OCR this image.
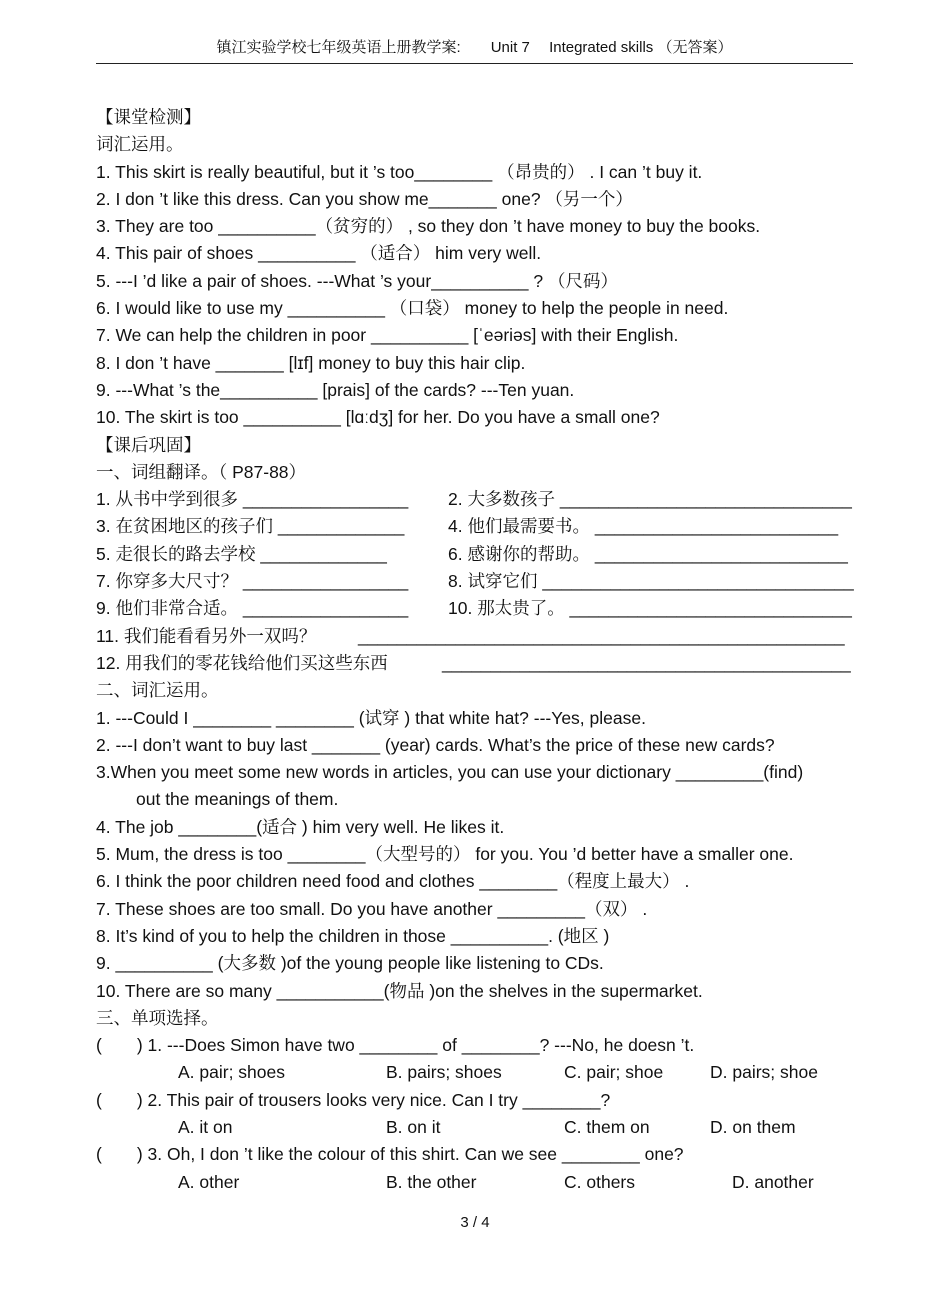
镇江实验学校七年级英语上册教学案:　　Unit 7　 Integrated skills （无答案）
【课堂检测】
词汇运用。
1. This skirt is really beautiful, but it ’s too________ （昂贵的） . I can ’t buy it.
2. I don ’t like this dress. Can you show me_______ one? （另一个）
3. They are too __________（贫穷的） , so they don ’t have money to buy the books.
4. This pair of shoes __________ （适合） him very well.
5. ---I ’d like a pair of shoes. ---What ’s your__________ ? （尺码）
6. I would like to use my __________ （口袋） money to help the people in need.
7. We can help the children in poor __________ [ˈeəriəs] with their English.
8. I don ’t have _______ [lɪf] money to buy this hair clip.
9. ---What ’s the__________ [prais] of the cards? ---Ten yuan.
10. The skirt is too __________ [lɑːdʒ] for her. Do you have a small one?
【课后巩固】
一、词组翻译。（ P87-88）
1. 从书中学到很多 _________________ 2. 大多数孩子 ______________________________
3. 在贫困地区的孩子们 _____________ 4. 他们最需要书。 _________________________
5. 走很长的路去学校 _____________	6. 感谢你的帮助。 __________________________
7. 你穿多大尺寸？ _________________ 8. 试穿它们 ________________________________
9. 他们非常合适。 _________________ 10. 那太贵了。 _____________________________
11. 我们能看看另外一双吗？ __________________________________________________
12. 用我们的零花钱给他们买这些东西	__________________________________________
二、词汇运用。
1. ---Could I ________ ________ (试穿 ) that white hat? ---Yes, please.
2. ---I don’t want to buy last _______ (year) cards. What’s the price of these new cards?
3.When you meet some new words in articles, you can use your dictionary _________(find)
out the meanings of them.
4. The job ________(适合 ) him very well. He likes it.
5. Mum, the dress is too ________（大型号的） for you. You ’d better have a smaller one.
6. I think the poor children need food and clothes ________（程度上最大） .
7. These shoes are too small. Do you have another _________（双） .
8. It’s kind of you to help the children in those __________. (地区 )
9. __________ (大多数 )of the young people like listening to CDs.
10. There are so many ___________(物品 )on the shelves in the supermarket.
三、单项选择。
(　　) 1. ---Does Simon have two ________ of ________? ---No, he doesn ’t.
A. pair; shoes	B. pairs; shoes	C. pair; shoe	D. pairs; shoe
(　　) 2. This pair of trousers looks very nice. Can I try ________?
A. it on	B. on it	C. them on	D. on them
(　　) 3. Oh, I don ’t like the colour of this shirt. Can we see ________ one?
A. other	B. the other	C. others	D. another
3 / 4
